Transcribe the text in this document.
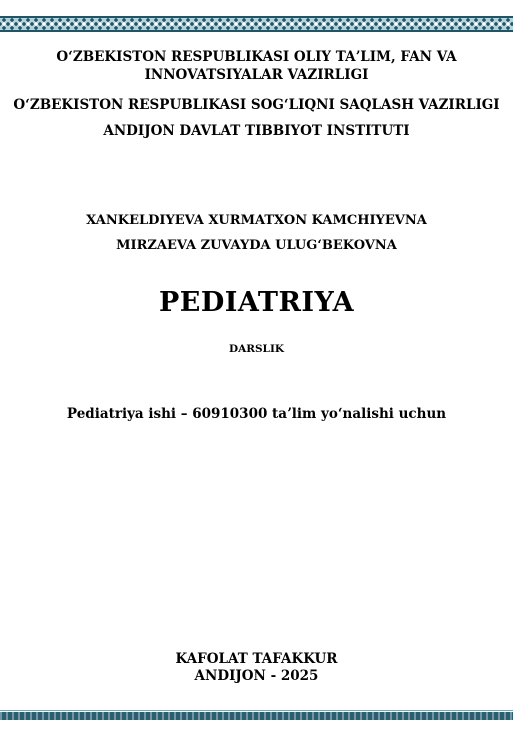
OʻZBEKISTON RESPUBLIKASI OLIY TAʼLIM, FAN VA
INNOVATSIYALAR VAZIRLIGI
OʻZBEKISTON RESPUBLIKASI SOGʻLIQNI SAQLASH VAZIRLIGI
ANDIJON DAVLAT TIBBIYOT INSTITUTI
XANKELDIYEVA XURMATXON KAMCHIYEVNA
MIRZAEVA ZUVAYDA ULUGʻBEKOVNA
PEDIATRIYA
DARSLIK
Pediatriya ishi – 60910300 taʼlim yoʻnalishi uchun
KAFOLAT TAFAKKUR
ANDIJON - 2025
